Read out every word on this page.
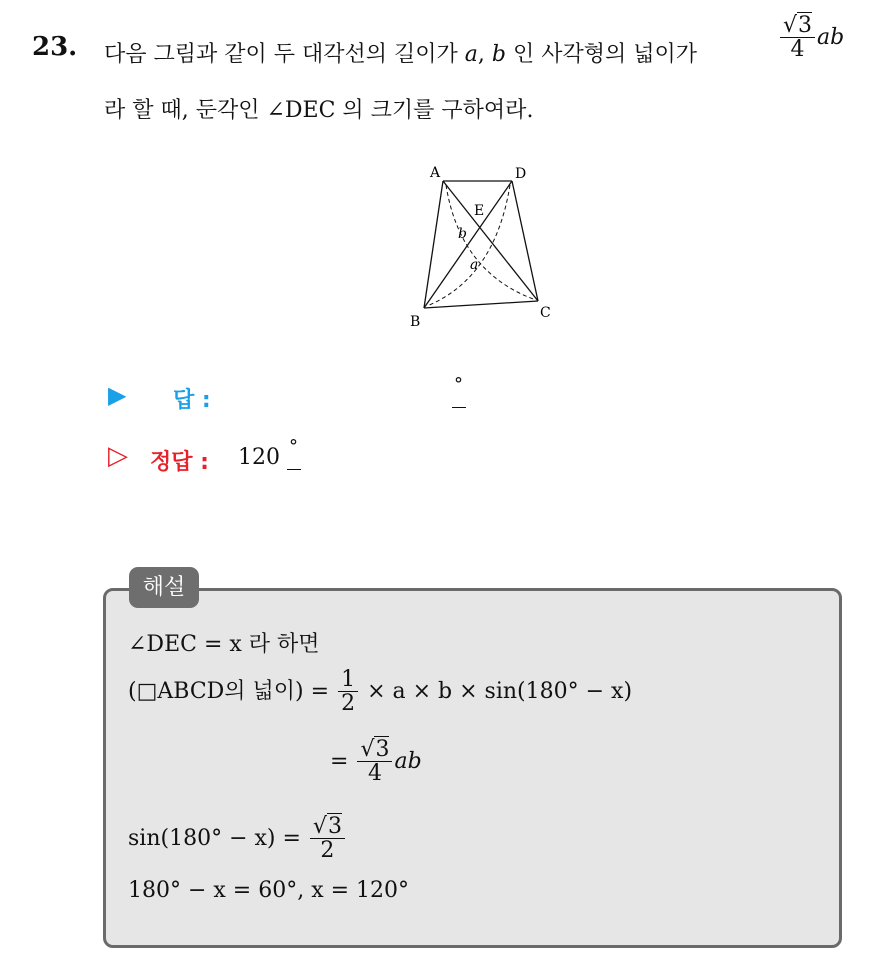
23. 다음 그림과 같이 두 대각선의 길이가 a, b 인 사각형의 넓이가	$\frac{√3}{4}$ ab
라 할 때, 둔각인 ∠DEC 의 크기를 구하여라.
A	D
E
b
a
B
C
▶ 답 :
°
▷ 정답 : 120 °
해설
∠DEC = x 라 하면
(□ABCD의 넓이) = $\frac{1}{2} \times a \times b \times \sin(180^\circ - x)$
= $\frac{√3}{4}$ ab
$\sin(180^\circ - x) = \frac{√3}{2}$
180° − x = 60°, x = 120°
